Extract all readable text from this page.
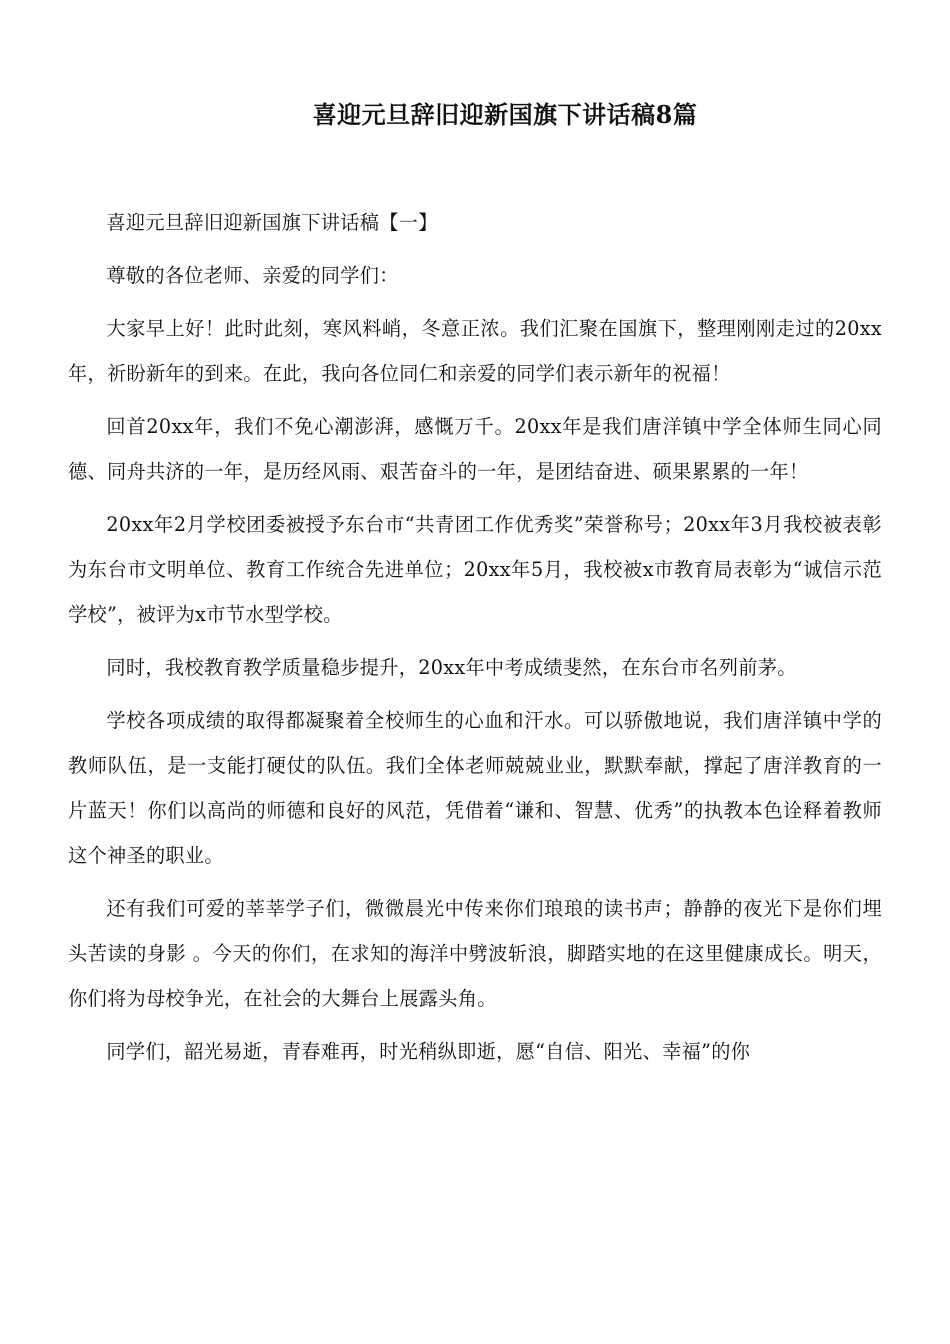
喜迎元旦辞旧迎新国旗下讲话稿8篇

喜迎元旦辞旧迎新国旗下讲话稿【一】

尊敬的各位老师、亲爱的同学们：

大家早上好！此时此刻，寒风料峭，冬意正浓。我们汇聚在国旗下，整理刚刚走过的20xx年，祈盼新年的到来。在此，我向各位同仁和亲爱的同学们表示新年的祝福！

回首20xx年，我们不免心潮澎湃，感慨万千。20xx年是我们唐洋镇中学全体师生同心同德、同舟共济的一年，是历经风雨、艰苦奋斗的一年，是团结奋进、硕果累累的一年！

20xx年2月学校团委被授予东台市“共青团工作优秀奖”荣誉称号；20xx年3月我校被表彰为东台市文明单位、教育工作统合先进单位；20xx年5月，我校被x市教育局表彰为“诚信示范学校”，被评为x市节水型学校。

同时，我校教育教学质量稳步提升，20xx年中考成绩斐然，在东台市名列前茅。

学校各项成绩的取得都凝聚着全校师生的心血和汗水。可以骄傲地说，我们唐洋镇中学的教师队伍，是一支能打硬仗的队伍。我们全体老师兢兢业业，默默奉献，撑起了唐洋教育的一片蓝天！你们以高尚的师德和良好的风范，凭借着“谦和、智慧、优秀”的执教本色诠释着教师这个神圣的职业。

还有我们可爱的莘莘学子们，微微晨光中传来你们琅琅的读书声；静静的夜光下是你们埋头苦读的身影 。今天的你们，在求知的海洋中劈波斩浪，脚踏实地的在这里健康成长。明天，你们将为母校争光，在社会的大舞台上展露头角。

同学们，韶光易逝，青春难再，时光稍纵即逝，愿“自信、阳光、幸福”的你
